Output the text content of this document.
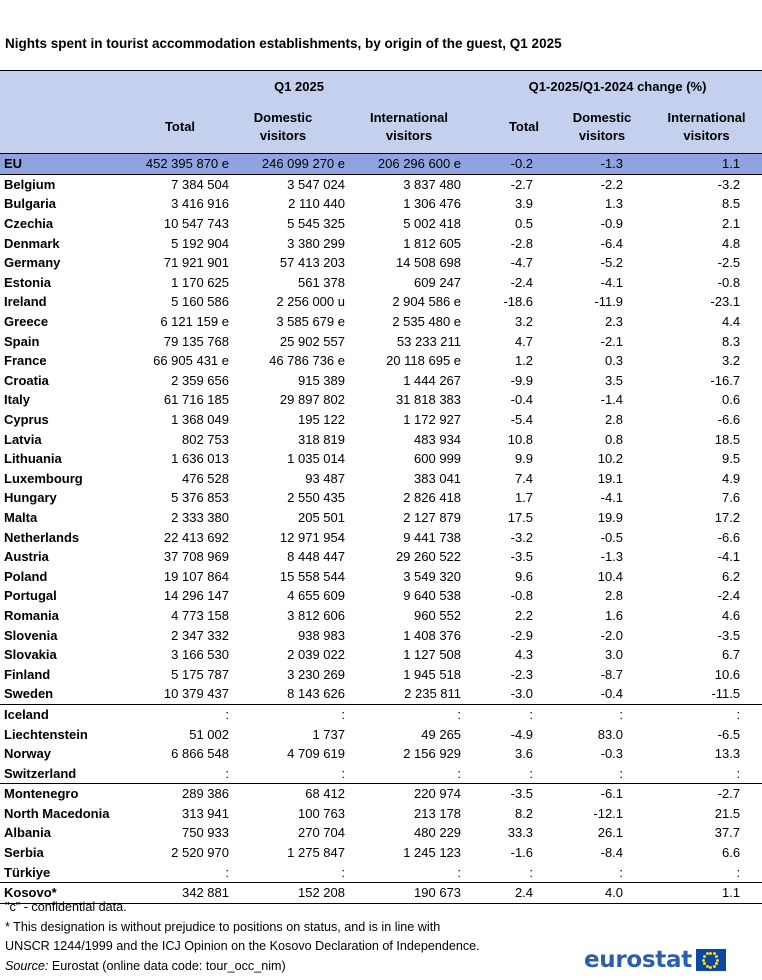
Nights spent in tourist accommodation establishments, by origin of the guest, Q1 2025
	Q1 2025			Q1-2025/Q1-2024 change (%)		
	Total	Domestic visitors	International visitors	Total	Domestic visitors	International visitors
EU	452 395 870 e	246 099 270 e	206 296 600 e	-0.2	-1.3	1.1
Belgium	7 384 504	3 547 024	3 837 480	-2.7	-2.2	-3.2
Bulgaria	3 416 916	2 110 440	1 306 476	3.9	1.3	8.5
Czechia	10 547 743	5 545 325	5 002 418	0.5	-0.9	2.1
Denmark	5 192 904	3 380 299	1 812 605	-2.8	-6.4	4.8
Germany	71 921 901	57 413 203	14 508 698	-4.7	-5.2	-2.5
Estonia	1 170 625	561 378	609 247	-2.4	-4.1	-0.8
Ireland	5 160 586	2 256 000 u	2 904 586 e	-18.6	-11.9	-23.1
Greece	6 121 159 e	3 585 679 e	2 535 480 e	3.2	2.3	4.4
Spain	79 135 768	25 902 557	53 233 211	4.7	-2.1	8.3
France	66 905 431 e	46 786 736 e	20 118 695 e	1.2	0.3	3.2
Croatia	2 359 656	915 389	1 444 267	-9.9	3.5	-16.7
Italy	61 716 185	29 897 802	31 818 383	-0.4	-1.4	0.6
Cyprus	1 368 049	195 122	1 172 927	-5.4	2.8	-6.6
Latvia	802 753	318 819	483 934	10.8	0.8	18.5
Lithuania	1 636 013	1 035 014	600 999	9.9	10.2	9.5
Luxembourg	476 528	93 487	383 041	7.4	19.1	4.9
Hungary	5 376 853	2 550 435	2 826 418	1.7	-4.1	7.6
Malta	2 333 380	205 501	2 127 879	17.5	19.9	17.2
Netherlands	22 413 692	12 971 954	9 441 738	-3.2	-0.5	-6.6
Austria	37 708 969	8 448 447	29 260 522	-3.5	-1.3	-4.1
Poland	19 107 864	15 558 544	3 549 320	9.6	10.4	6.2
Portugal	14 296 147	4 655 609	9 640 538	-0.8	2.8	-2.4
Romania	4 773 158	3 812 606	960 552	2.2	1.6	4.6
Slovenia	2 347 332	938 983	1 408 376	-2.9	-2.0	-3.5
Slovakia	3 166 530	2 039 022	1 127 508	4.3	3.0	6.7
Finland	5 175 787	3 230 269	1 945 518	-2.3	-8.7	10.6
Sweden	10 379 437	8 143 626	2 235 811	-3.0	-0.4	-11.5
Iceland	:	:	:	:	:	:
Liechtenstein	51 002	1 737	49 265	-4.9	83.0	-6.5
Norway	6 866 548	4 709 619	2 156 929	3.6	-0.3	13.3
Switzerland	:	:	:	:	:	:
Montenegro	289 386	68 412	220 974	-3.5	-6.1	-2.7
North Macedonia	313 941	100 763	213 178	8.2	-12.1	21.5
Albania	750 933	270 704	480 229	33.3	26.1	37.7
Serbia	2 520 970	1 275 847	1 245 123	-1.6	-8.4	6.6
Türkiye	:	:	:	:	:	:
Kosovo*	342 881	152 208	190 673	2.4	4.0	1.1
"c" - confidential data.
* This designation is without prejudice to positions on status, and is in line with
UNSCR 1244/1999 and the ICJ Opinion on the Kosovo Declaration of Independence.
Source: Eurostat (online data code: tour_occ_nim)	eurostat
